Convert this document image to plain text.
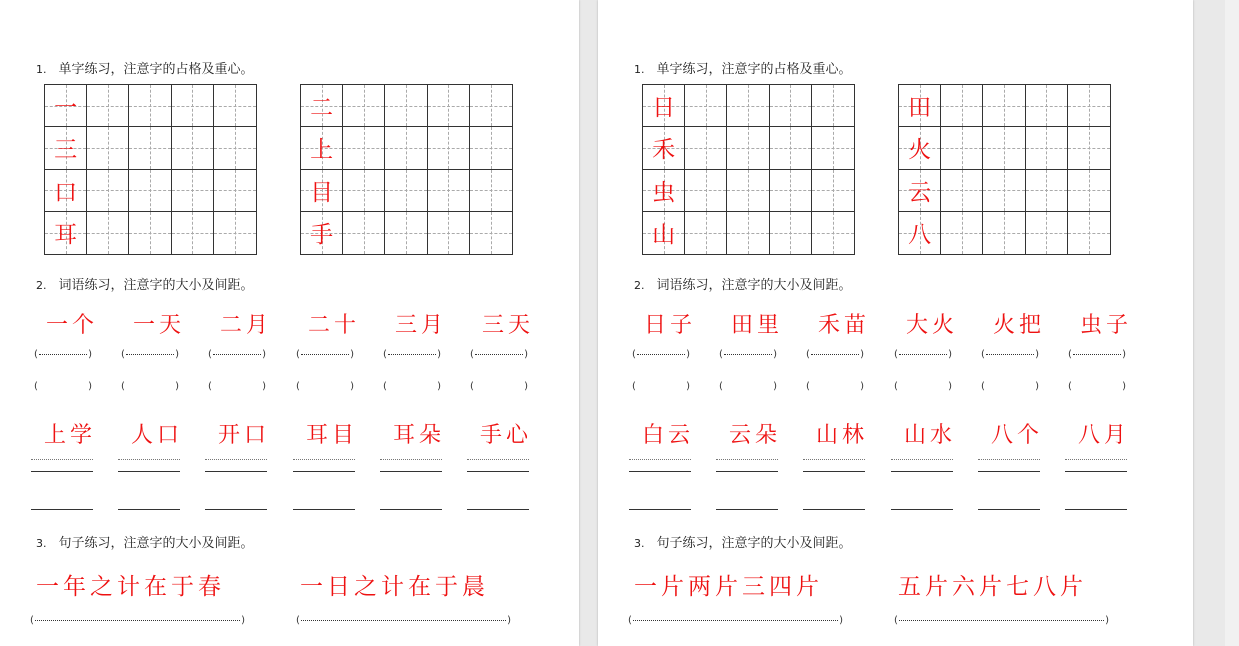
1. 单字练习，注意字的占格及重心。
一
三
口
耳
二
上
目
手
2. 词语练习，注意字的大小及间距。
一个
(	)
(	)
一天
(	)
(	)
二月
(	)
(	)
二十
(	)
(	)
三月
(	)
(	)
三天
(	)
(	)
上学	人口	开口	耳目	耳朵	手心
3. 句子练习，注意字的大小及间距。
一年之计在于春
(	)
一日之计在于晨
(	)
1. 单字练习，注意字的占格及重心。
日
禾
虫
山
田
火
云
八
2. 词语练习，注意字的大小及间距。
日子
(	)
(	)
田里
(	)
(	)
禾苗
(	)
(	)
大火
(	)
(	)
火把
(	)
(	)
虫子
(	)
(	)
白云	云朵	山林	山水	八个	八月
3. 句子练习，注意字的大小及间距。
一片两片三四片
(	)
五片六片七八片
(	)
